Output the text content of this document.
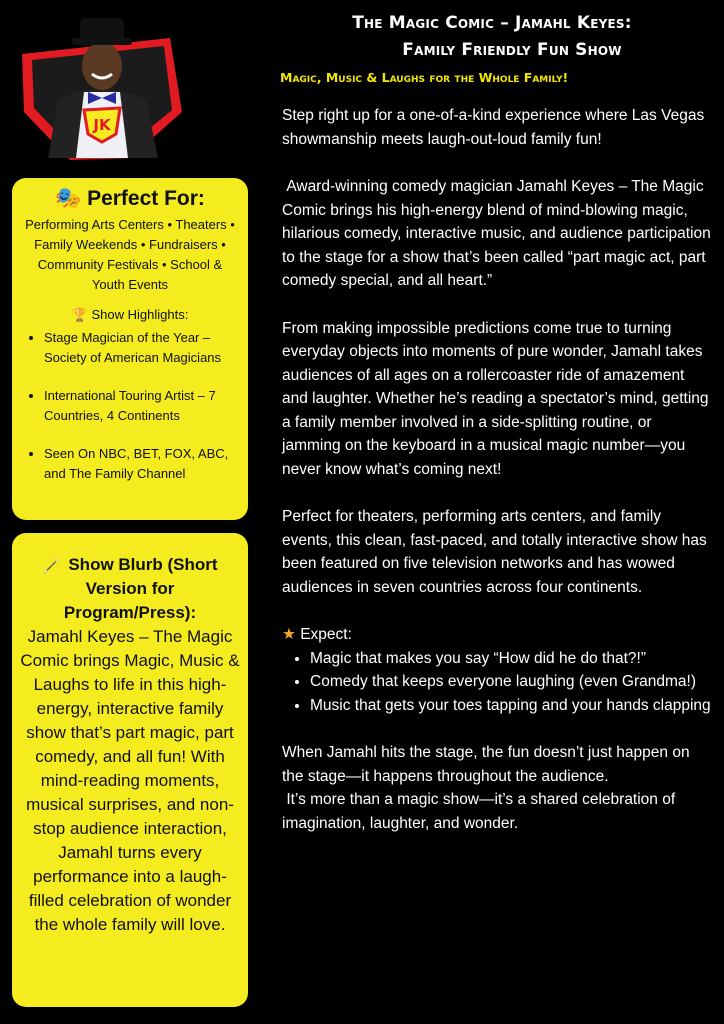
JK
The Magic Comic – Jamahl Keyes:
Family Friendly Fun Show
Magic, Music & Laughs for the Whole Family!
🎭 Perfect For:
Performing Arts Centers • Theaters • Family Weekends • Fundraisers • Community Festivals • School & Youth Events
🏆 Show Highlights:
• Stage Magician of the Year – Society of American Magicians
• International Touring Artist – 7 Countries, 4 Continents
• Seen On NBC, BET, FOX, ABC, and The Family Channel
🪄 Show Blurb (Short Version for Program/Press):
Jamahl Keyes – The Magic Comic brings Magic, Music & Laughs to life in this high-energy, interactive family show that’s part magic, part comedy, and all fun! With mind-reading moments, musical surprises, and non-stop audience interaction, Jamahl turns every performance into a laugh-filled celebration of wonder the whole family will love.

Step right up for a one-of-a-kind experience where Las Vegas showmanship meets laugh-out-loud family fun!

Award-winning comedy magician Jamahl Keyes – The Magic Comic brings his high-energy blend of mind-blowing magic, hilarious comedy, interactive music, and audience participation to the stage for a show that’s been called “part magic act, part comedy special, and all heart.”

From making impossible predictions come true to turning everyday objects into moments of pure wonder, Jamahl takes audiences of all ages on a rollercoaster ride of amazement and laughter. Whether he’s reading a spectator’s mind, getting a family member involved in a side-splitting routine, or jamming on the keyboard in a musical magic number—you never know what’s coming next!

Perfect for theaters, performing arts centers, and family events, this clean, fast-paced, and totally interactive show has been featured on five television networks and has wowed audiences in seven countries across four continents.

★ Expect:
• Magic that makes you say “How did he do that?!”
• Comedy that keeps everyone laughing (even Grandma!)
• Music that gets your toes tapping and your hands clapping
When Jamahl hits the stage, the fun doesn’t just happen on the stage—it happens throughout the audience.
It’s more than a magic show—it’s a shared celebration of imagination, laughter, and wonder.
